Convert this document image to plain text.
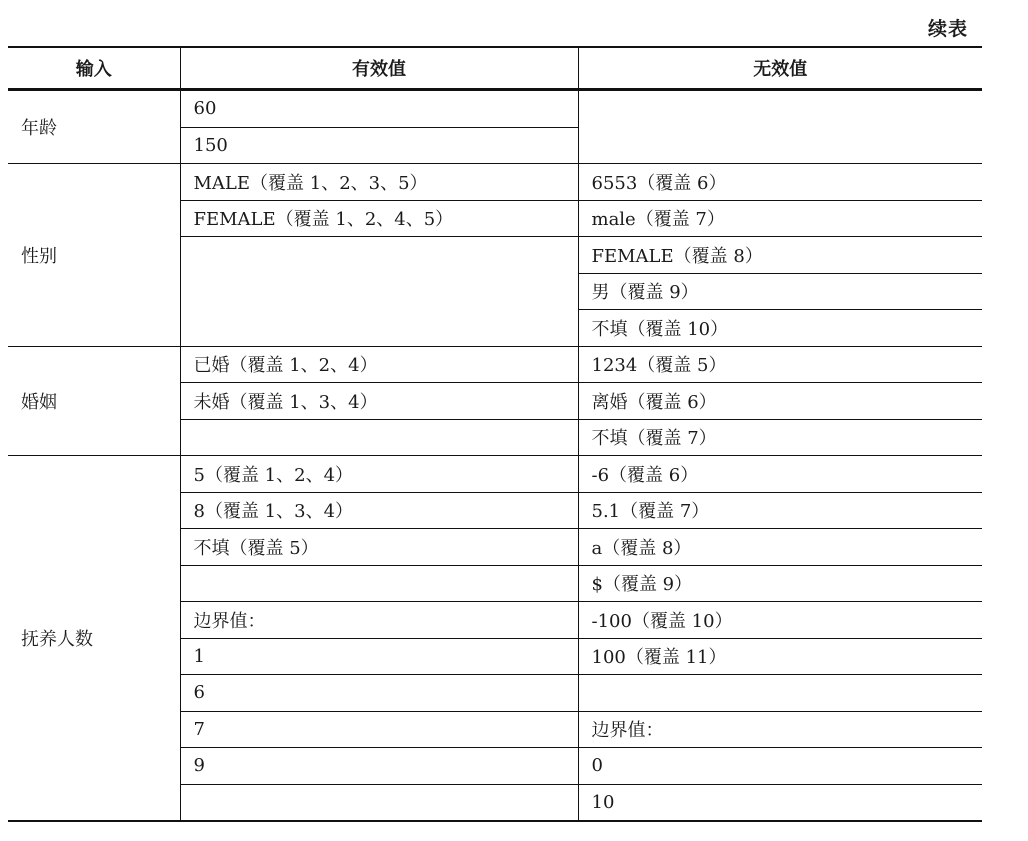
续表
输入	有效值	无效值
年龄	60	
	150	
性别	MALE（覆盖 1、2、3、5）	6553（覆盖 6）
	FEMALE（覆盖 1、2、4、5）	male（覆盖 7）
		FEMALE（覆盖 8）
		男（覆盖 9）
		不填（覆盖 10）
婚姻	已婚（覆盖 1、2、4）	1234（覆盖 5）
	未婚（覆盖 1、3、4）	离婚（覆盖 6）
		不填（覆盖 7）
抚养人数	5（覆盖 1、2、4）	-6（覆盖 6）
	8（覆盖 1、3、4）	5.1（覆盖 7）
	不填（覆盖 5）	a（覆盖 8）
		$（覆盖 9）
	边界值：	-100（覆盖 10）
	1	100（覆盖 11）
	6	
	7	边界值：
	9	0
		10
